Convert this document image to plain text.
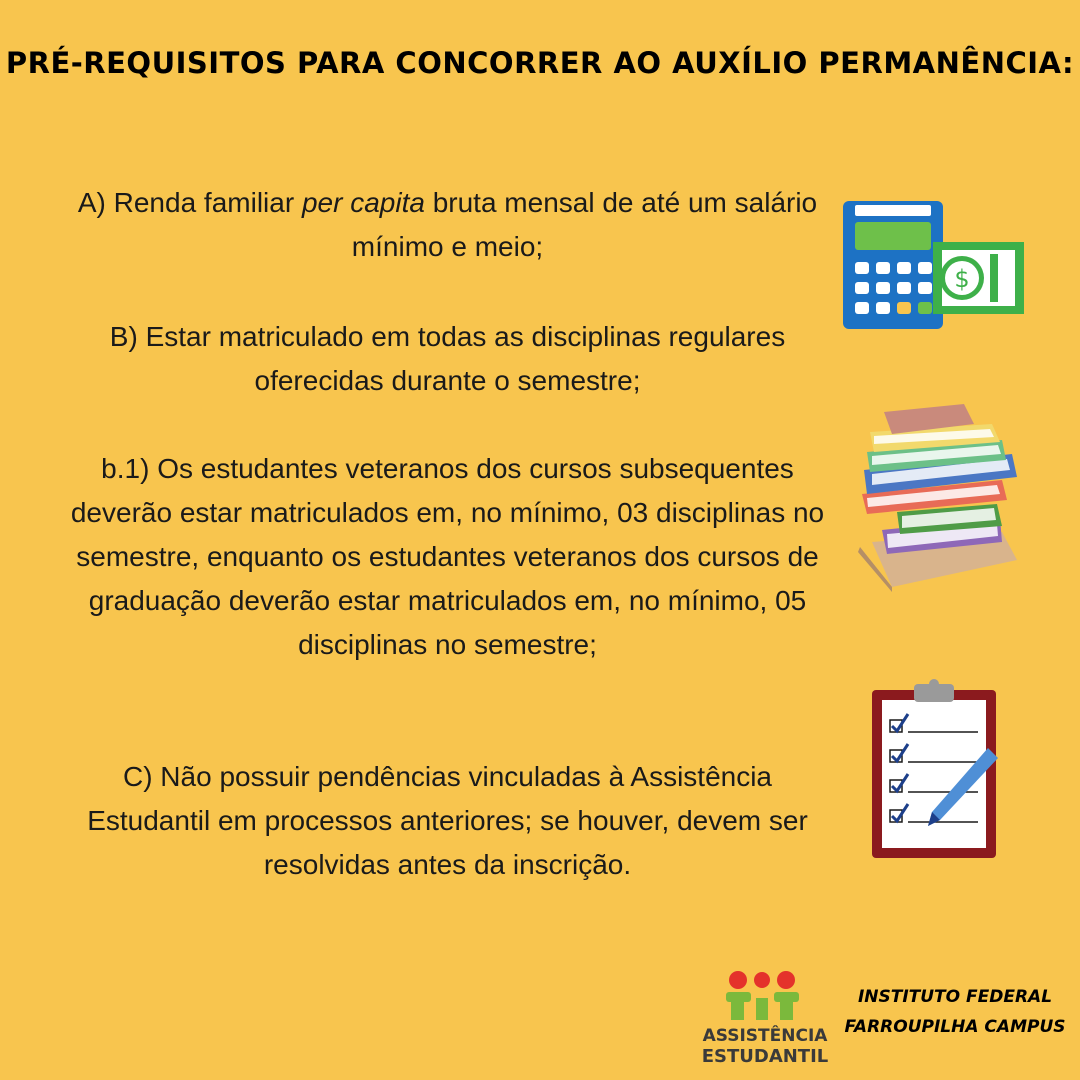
PRÉ-REQUISITOS PARA CONCORRER AO AUXÍLIO PERMANÊNCIA:

A) Renda familiar per capita bruta mensal de até um salário mínimo e meio;

B) Estar matriculado em todas as disciplinas regulares oferecidas durante o semestre;

b.1) Os estudantes veteranos dos cursos subsequentes deverão estar matriculados em, no mínimo, 03 disciplinas no semestre, enquanto os estudantes veteranos dos cursos de graduação deverão estar matriculados em, no mínimo, 05 disciplinas no semestre;

C) Não possuir pendências vinculadas à Assistência Estudantil em processos anteriores; se houver, devem ser resolvidas antes da inscrição.

$
ASSISTÊNCIA
ESTUDANTIL
INSTITUTO FEDERAL
FARROUPILHA CAMPUS
